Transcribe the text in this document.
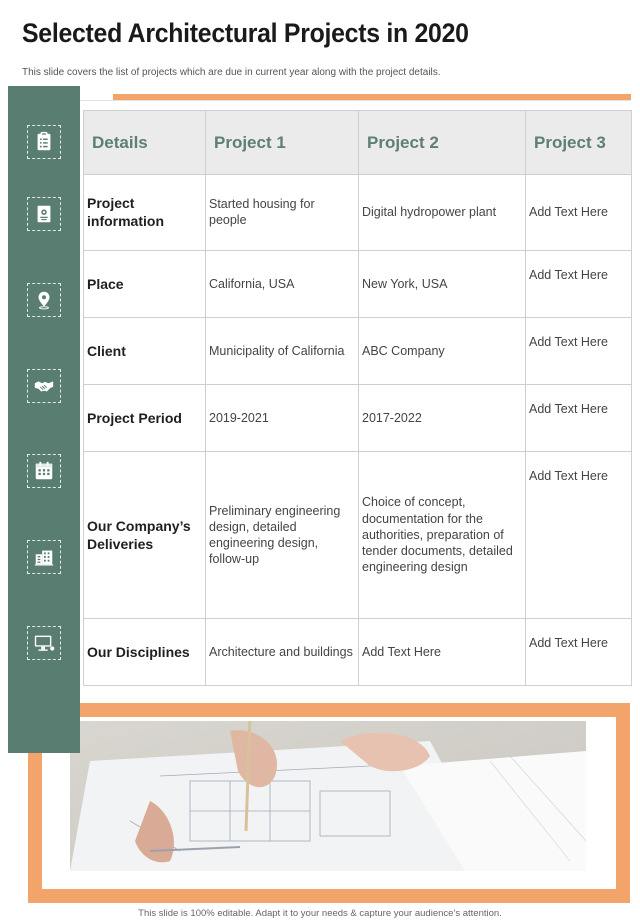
Selected Architectural Projects in 2020
This slide covers the list of projects which are due in current year along with the project details.
Details	Project 1	Project 2	Project 3
Project information	Started housing for people	Digital hydropower plant	Add Text Here
Place	California, USA	New York, USA	Add Text Here
Client	Municipality of California	ABC Company	Add Text Here
Project Period	2019-2021	2017-2022	Add Text Here
Our Company’s Deliveries	Preliminary engineering design, detailed engineering design, follow-up	Choice of concept, documentation for the authorities, preparation of tender documents, detailed engineering design	Add Text Here
Our Disciplines	Architecture and buildings	Add Text Here	Add Text Here
This slide is 100% editable. Adapt it to your needs & capture your audience’s attention.
